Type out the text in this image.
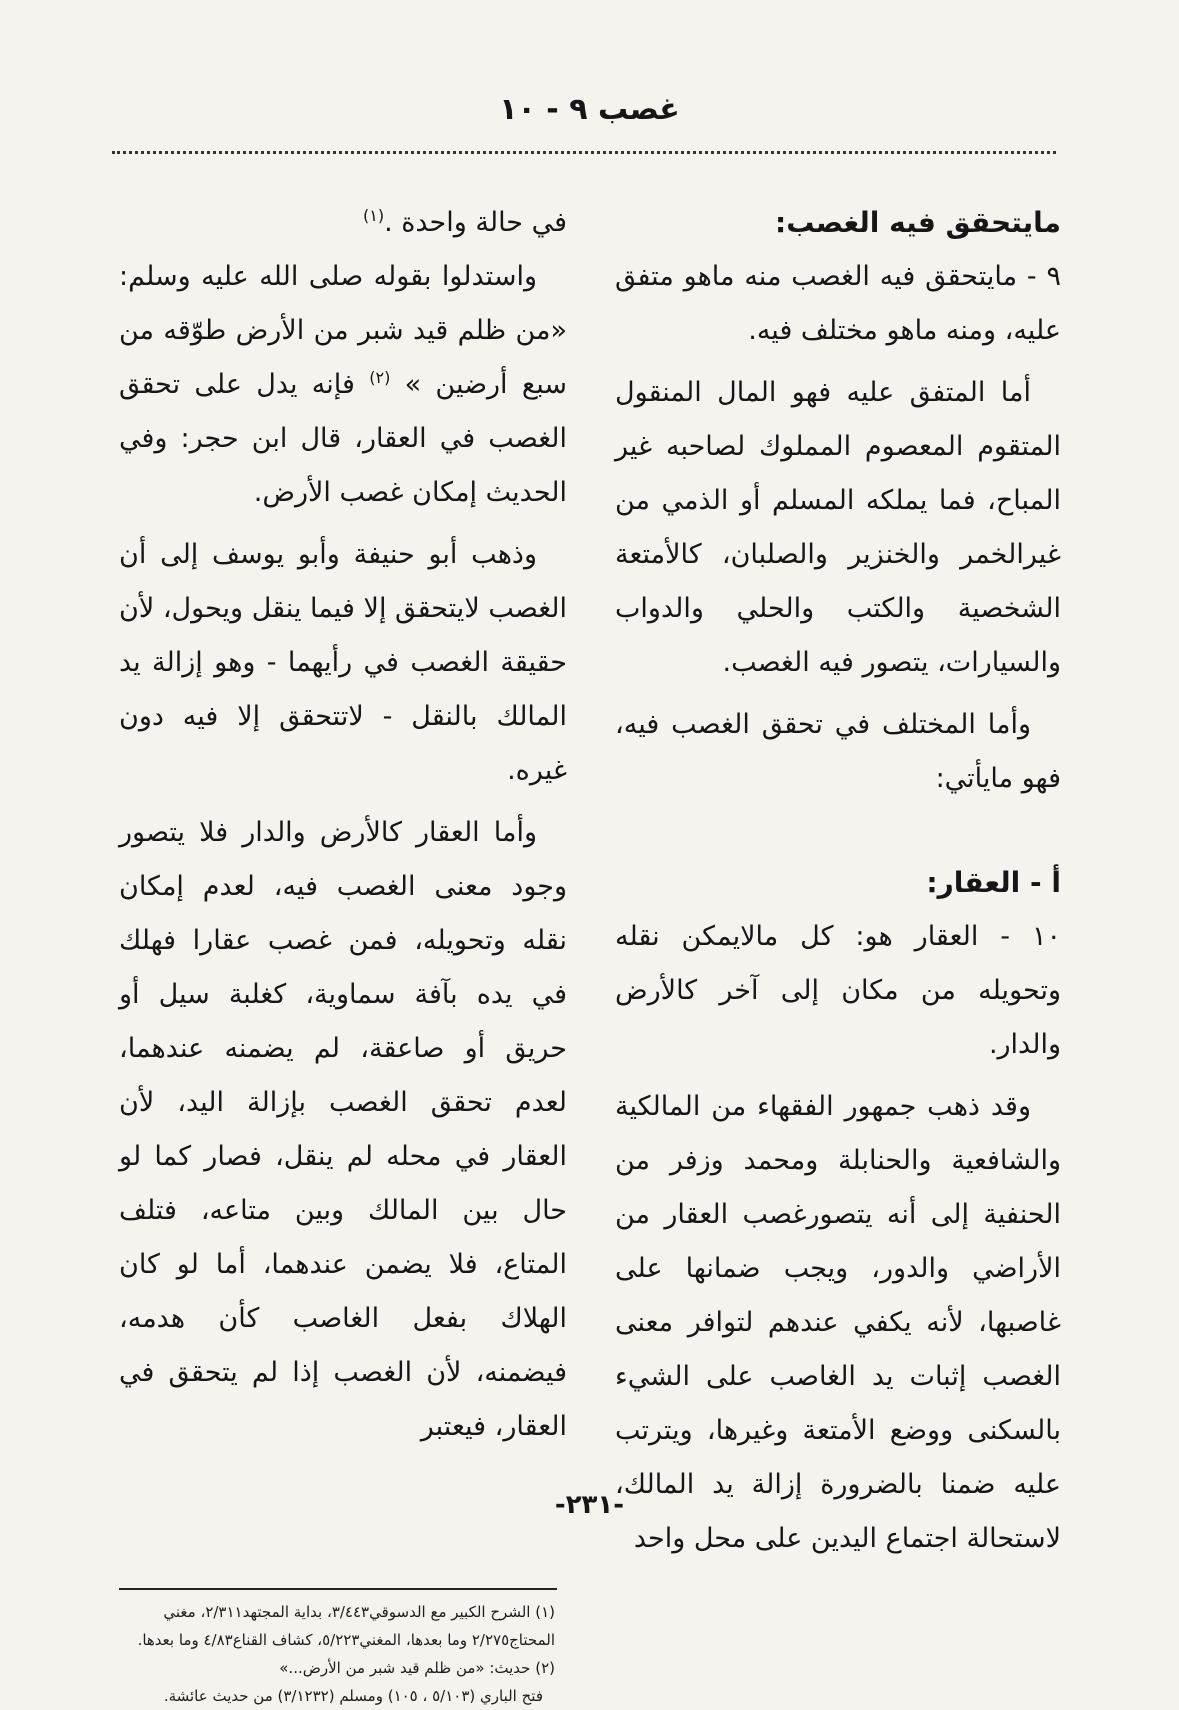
غصب ٩ - ١٠
مايتحقق فيه الغصب:

٩ - مايتحقق فيه الغصب منه ماهو متفق عليه، ومنه ماهو مختلف فيه.

أما المتفق عليه فهو المال المنقول المتقوم المعصوم المملوك لصاحبه غير المباح، فما يملكه المسلم أو الذمي من غيرالخمر والخنزير والصلبان، كالأمتعة الشخصية والكتب والحلي والدواب والسيارات، يتصور فيه الغصب.

وأما المختلف في تحقق الغصب فيه، فهو مايأتي:

أ - العقار:

١٠ - العقار هو: كل مالايمكن نقله وتحويله من مكان إلى آخر كالأرض والدار.

وقد ذهب جمهور الفقهاء من المالكية والشافعية والحنابلة ومحمد وزفر من الحنفية إلى أنه يتصورغصب العقار من الأراضي والدور، ويجب ضمانها على غاصبها، لأنه يكفي عندهم لتوافر معنى الغصب إثبات يد الغاصب على الشيء بالسكنى ووضع الأمتعة وغيرها، ويترتب عليه ضمنا بالضرورة إزالة يد المالك، لاستحالة اجتماع اليدين على محل واحد

في حالة واحدة .$^{(١)}$

واستدلوا بقوله صلى الله عليه وسلم: «من ظلم قيد شبر من الأرض طوّقه من سبع أرضين » $^{(٢)}$ فإنه يدل على تحقق الغصب في العقار، قال ابن حجر: وفي الحديث إمكان غصب الأرض.

وذهب أبو حنيفة وأبو يوسف إلى أن الغصب لايتحقق إلا فيما ينقل ويحول، لأن حقيقة الغصب في رأيهما - وهو إزالة يد المالك بالنقل - لاتتحقق إلا فيه دون غيره.

وأما العقار كالأرض والدار فلا يتصور وجود معنى الغصب فيه، لعدم إمكان نقله وتحويله، فمن غصب عقارا فهلك في يده بآفة سماوية، كغلبة سيل أو حريق أو صاعقة، لم يضمنه عندهما، لعدم تحقق الغصب بإزالة اليد، لأن العقار في محله لم ينقل، فصار كما لو حال بين المالك وبين متاعه، فتلف المتاع، فلا يضمن عندهما، أما لو كان الهلاك بفعل الغاصب كأن هدمه، فيضمنه، لأن الغصب إذا لم يتحقق في العقار، فيعتبر

(١) الشرح الكبير مع الدسوقي٣/٤٤٣، بداية المجتهد٢/٣١١، مغني المحتاج٢/٢٧٥ وما بعدها، المغني٥/٢٢٣، كشاف القناع٤/٨٣ وما بعدها.

(٢) حديث: «من ظلم قيد شبر من الأرض...»

فتح الباري (٥/١٠٣ ، ١٠٥) ومسلم (٣/١٢٣٢) من حديث عائشة.

-٢٣١-
